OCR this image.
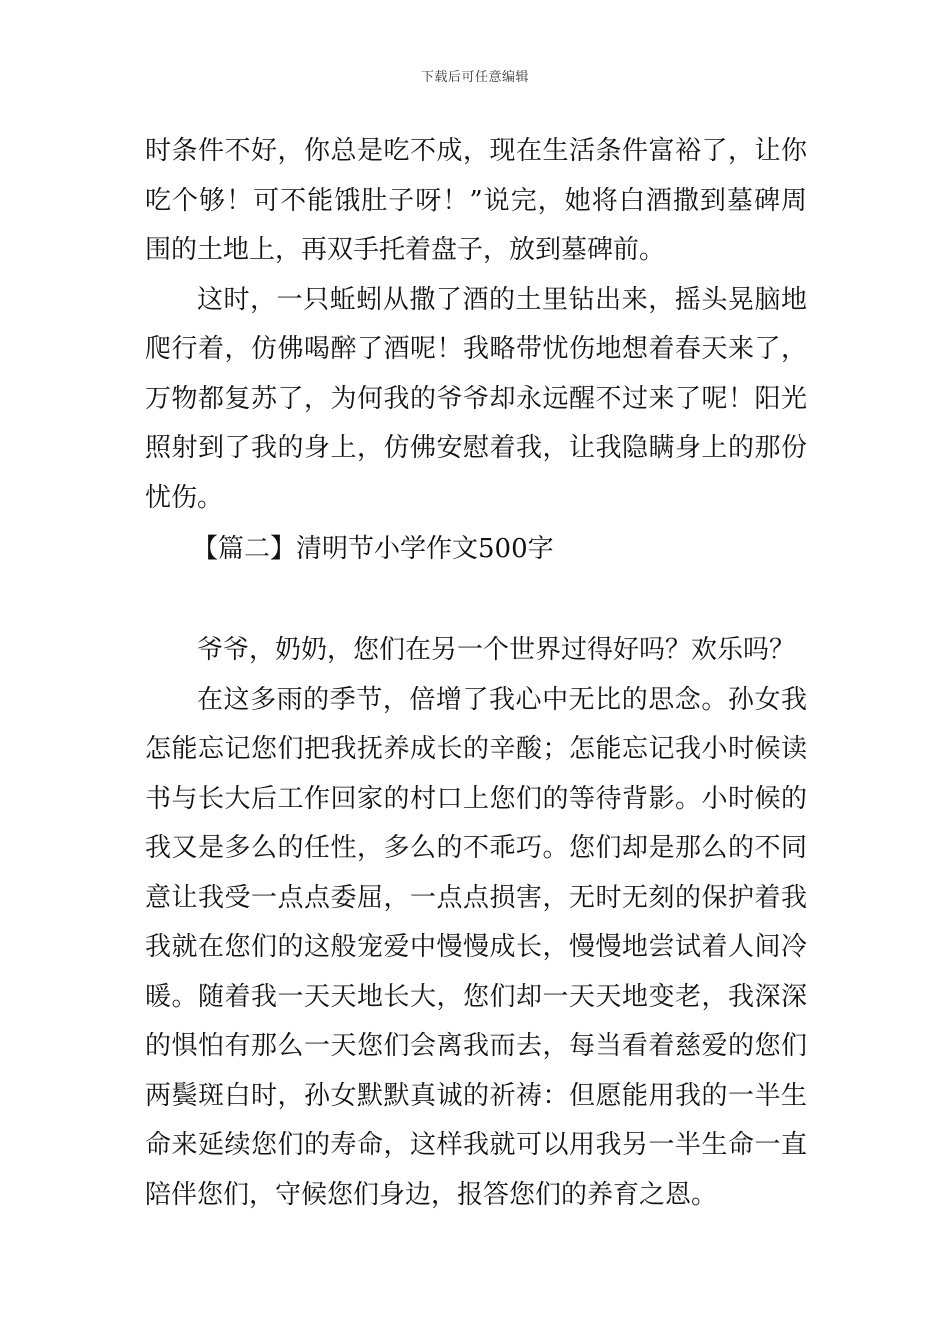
下载后可任意编辑
时条件不好，你总是吃不成，现在生活条件富裕了，让你
吃个够！可不能饿肚子呀！”说完，她将白酒撒到墓碑周
围的土地上，再双手托着盘子，放到墓碑前。
这时，一只蚯蚓从撒了酒的土里钻出来，摇头晃脑地
爬行着，仿佛喝醉了酒呢！我略带忧伤地想着春天来了，
万物都复苏了，为何我的爷爷却永远醒不过来了呢！阳光
照射到了我的身上，仿佛安慰着我，让我隐瞒身上的那份
忧伤。
【篇二】清明节小学作文500字
爷爷，奶奶，您们在另一个世界过得好吗？欢乐吗？
在这多雨的季节，倍增了我心中无比的思念。孙女我
怎能忘记您们把我抚养成长的辛酸；怎能忘记我小时候读
书与长大后工作回家的村口上您们的等待背影。小时候的
我又是多么的任性，多么的不乖巧。您们却是那么的不同
意让我受一点点委屈，一点点损害，无时无刻的保护着我
我就在您们的这般宠爱中慢慢成长，慢慢地尝试着人间冷
暖。随着我一天天地长大，您们却一天天地变老，我深深
的惧怕有那么一天您们会离我而去，每当看着慈爱的您们
两鬓斑白时，孙女默默真诚的祈祷：但愿能用我的一半生
命来延续您们的寿命，这样我就可以用我另一半生命一直
陪伴您们，守候您们身边，报答您们的养育之恩。
